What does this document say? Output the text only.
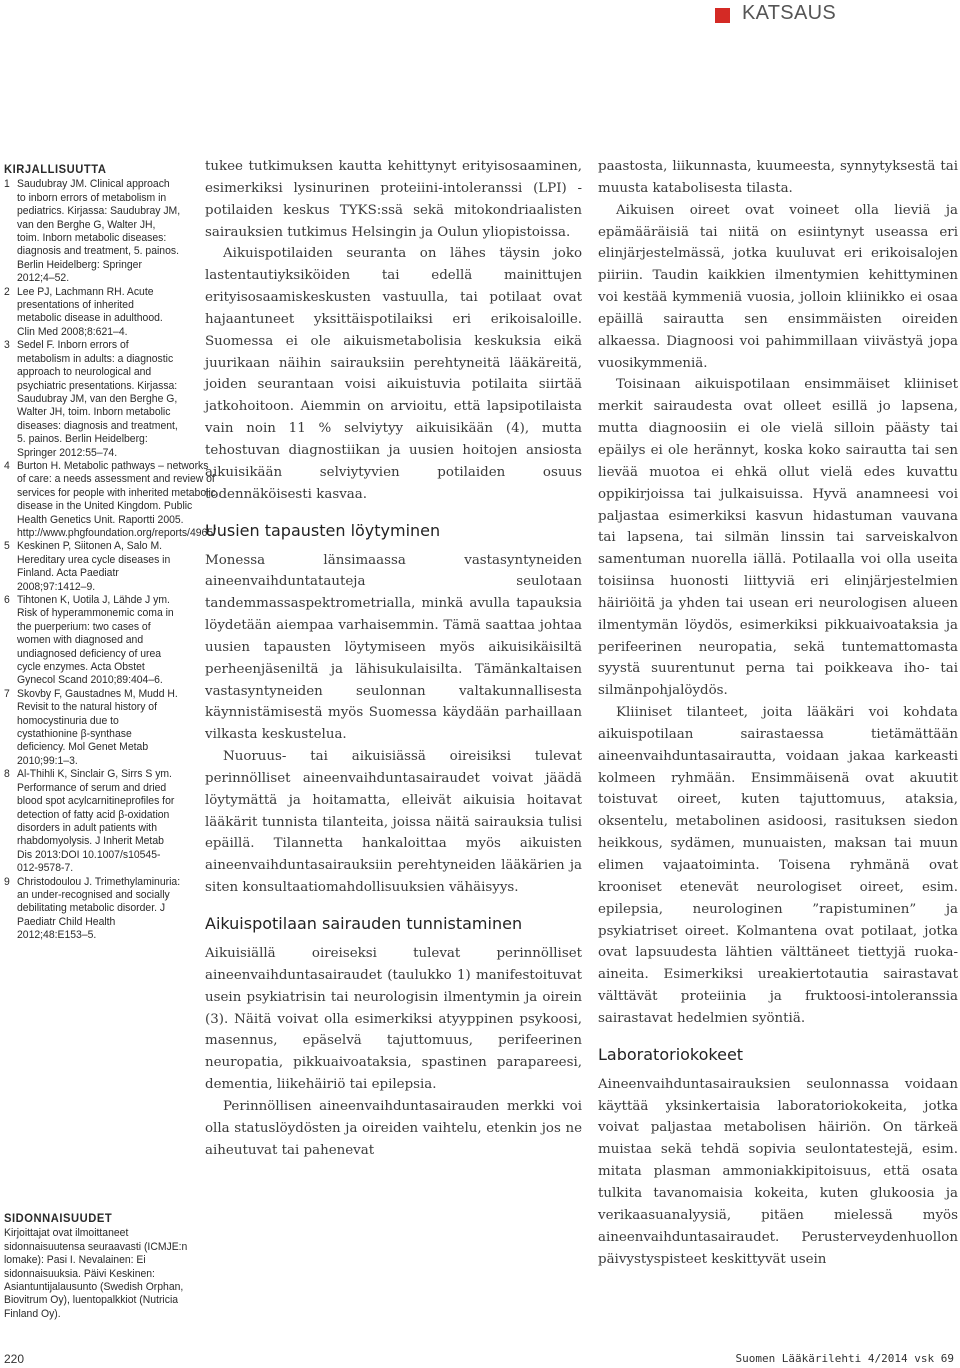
KATSAUS
KIRJALLISUUTTA
1 Saudubray JM. Clinical approach to inborn errors of metabolism in pediatrics. Kirjassa: Saudubray JM, van den Berghe G, Walter JH, toim. Inborn metabolic diseases: diagnosis and treatment, 5. painos. Berlin Heidelberg: Springer 2012;4–52.
2 Lee PJ, Lachmann RH. Acute presentations of inherited metabolic disease in adulthood. Clin Med 2008;8:621–4.
3 Sedel F. Inborn errors of metabolism in adults: a diagnostic approach to neurological and psychiatric presentations. Kirjassa: Saudubray JM, van den Berghe G, Walter JH, toim. Inborn metabolic diseases: diagnosis and treatment, 5. painos. Berlin Heidelberg: Springer 2012:55–74.
4 Burton H. Metabolic pathways – networks of care: a needs assessment and review of services for people with inherited metabolic disease in the United Kingdom. Public Health Genetics Unit. Raportti 2005. http://www.phgfoundation.org/reports/4965/
5 Keskinen P, Siitonen A, Salo M. Hereditary urea cycle diseases in Finland. Acta Paediatr 2008;97:1412–9.
6 Tihtonen K, Uotila J, Lähde J ym. Risk of hyperammonemic coma in the puerperium: two cases of women with diagnosed and undiagnosed deficiency of urea cycle enzymes. Acta Obstet Gynecol Scand 2010;89:404–6.
7 Skovby F, Gaustadnes M, Mudd H. Revisit to the natural history of homocystinuria due to cystathionine β-synthase deficiency. Mol Genet Metab 2010;99:1–3.
8 Al-Thihli K, Sinclair G, Sirrs S ym. Performance of serum and dried blood spot acylcarnitineprofiles for detection of fatty acid β-oxidation disorders in adult patients with rhabdomyolysis. J Inherit Metab Dis 2013:DOI 10.1007/s10545-012-9578-7.
9 Christodoulou J. Trimethylaminuria: an under-recognised and socially debilitating metabolic disorder. J Paediatr Child Health 2012;48:E153–5.
SIDONNAISUUDET
Kirjoittajat ovat ilmoittaneet sidonnaisuutensa seuraavasti (ICMJE:n lomake): Pasi I. Nevalainen: Ei sidonnaisuuksia. Päivi Keskinen: Asiantuntijalausunto (Swedish Orphan, Biovitrum Oy), luentopalkkiot (Nutricia Finland Oy).

tukee tutkimuksen kautta kehittynyt erityisosaaminen, esimerkiksi lysinurinen proteiini-intoleranssi (LPI) -potilaiden keskus TYKS:ssä sekä mitokondriaalisten sairauksien tutkimus Helsingin ja Oulun yliopistoissa.

Aikuispotilaiden seuranta on lähes täysin joko lastentautiyksiköiden tai edellä mainittujen erityisosaamiskeskusten vastuulla, tai potilaat ovat hajaantuneet yksittäispotilaiksi eri erikoisaloille. Suomessa ei ole aikuismetabolisia keskuksia eikä juurikaan näihin sairauksiin perehtyneitä lääkäreitä, joiden seurantaan voisi aikuistuvia potilaita siirtää jatkohoitoon. Aiemmin on arvioitu, että lapsipotilaista vain noin 11 % selviytyy aikuisikään (4), mutta tehostuvan diagnostiikan ja uusien hoitojen ansiosta aikuisikään selviytyvien potilaiden osuus todennäköisesti kasvaa.

Uusien tapausten löytyminen

Monessa länsimaassa vastasyntyneiden aineenvaihduntatauteja seulotaan tandemmassaspektrometrialla, minkä avulla tapauksia löydetään aiempaa varhaisemmin. Tämä saattaa johtaa uusien tapausten löytymiseen myös aikuisikäisiltä perheenjäseniltä ja lähisukulaisilta. Tämänkaltaisen vastasyntyneiden seulonnan valtakunnallisesta käynnistämisestä myös Suomessa käydään parhaillaan vilkasta keskustelua.

Nuoruus- tai aikuisiässä oireisiksi tulevat perinnölliset aineenvaihduntasairaudet voivat jäädä löytymättä ja hoitamatta, elleivät aikuisia hoitavat lääkärit tunnista tilanteita, joissa näitä sairauksia tulisi epäillä. Tilannetta hankaloittaa myös aikuisten aineenvaihduntasairauksiin perehtyneiden lääkärien ja siten konsultaatiomahdollisuuksien vähäisyys.

Aikuispotilaan sairauden tunnistaminen

Aikuisiällä oireiseksi tulevat perinnölliset aineenvaihduntasairaudet (taulukko 1) manifestoituvat usein psykiatrisin tai neurologisin ilmentymin ja oirein (3). Näitä voivat olla esimerkiksi atyyppinen psykoosi, masennus, epäselvä tajuttomuus, perifeerinen neuropatia, pikkuaivoataksia, spastinen parapareesi, dementia, liikehäiriö tai epilepsia.

Perinnöllisen aineenvaihduntasairauden merkki voi olla statuslöydösten ja oireiden vaihtelu, etenkin jos ne aiheutuvat tai pahenevat

paastosta, liikunnasta, kuumeesta, synnytyksestä tai muusta katabolisesta tilasta.

Aikuisen oireet ovat voineet olla lieviä ja epämääräisiä tai niitä on esiintynyt useassa eri elinjärjestelmässä, jotka kuuluvat eri erikoisalojen piiriin. Taudin kaikkien ilmentymien kehittyminen voi kestää kymmeniä vuosia, jolloin kliinikko ei osaa epäillä sairautta sen ensimmäisten oireiden alkaessa. Diagnoosi voi pahimmillaan viivästyä jopa vuosikymmeniä.

Toisinaan aikuispotilaan ensimmäiset kliiniset merkit sairaudesta ovat olleet esillä jo lapsena, mutta diagnoosiin ei ole vielä silloin päästy tai epäilys ei ole herännyt, koska koko sairautta tai sen lievää muotoa ei ehkä ollut vielä edes kuvattu oppikirjoissa tai julkaisuissa. Hyvä anamneesi voi paljastaa esimerkiksi kasvun hidastuman vauvana tai lapsena, tai silmän linssin tai sarveiskalvon samentuman nuorella iällä. Potilaalla voi olla useita toisiinsa huonosti liittyviä eri elinjärjestelmien häiriöitä ja yhden tai usean eri neurologisen alueen ilmentymän löydös, esimerkiksi pikkuaivoataksia ja perifeerinen neuropatia, sekä tuntemattomasta syystä suurentunut perna tai poikkeava iho- tai silmänpohjalöydös.

Kliiniset tilanteet, joita lääkäri voi kohdata aikuispotilaan sairastaessa tietämättään aineenvaihduntasairautta, voidaan jakaa karkeasti kolmeen ryhmään. Ensimmäisenä ovat akuutit toistuvat oireet, kuten tajuttomuus, ataksia, oksentelu, metabolinen asidoosi, rasituksen siedon heikkous, sydämen, munuaisten, maksan tai muun elimen vajaatoiminta. Toisena ryhmänä ovat krooniset etenevät neurologiset oireet, esim. epilepsia, neurologinen ”rapistuminen” ja psykiatriset oireet. Kolmantena ovat potilaat, jotka ovat lapsuudesta lähtien välttäneet tiettyjä ruoka-aineita. Esimerkiksi ureakiertotautia sairastavat välttävät proteiinia ja fruktoosi-intoleranssia sairastavat hedelmien syöntiä.

Laboratoriokokeet

Aineenvaihduntasairauksien seulonnassa voidaan käyttää yksinkertaisia laboratoriokokeita, jotka voivat paljastaa metabolisen häiriön. On tärkeä muistaa sekä tehdä sopivia seulontatestejä, esim. mitata plasman ammoniakkipitoisuus, että osata tulkita tavanomaisia kokeita, kuten glukoosia ja verikaasuanalyysiä, pitäen mielessä myös aineenvaihduntasairaudet. Perusterveydenhuollon päivystyspisteet keskittyvät usein

220	Suomen Lääkärilehti 4/2014 vsk 69
